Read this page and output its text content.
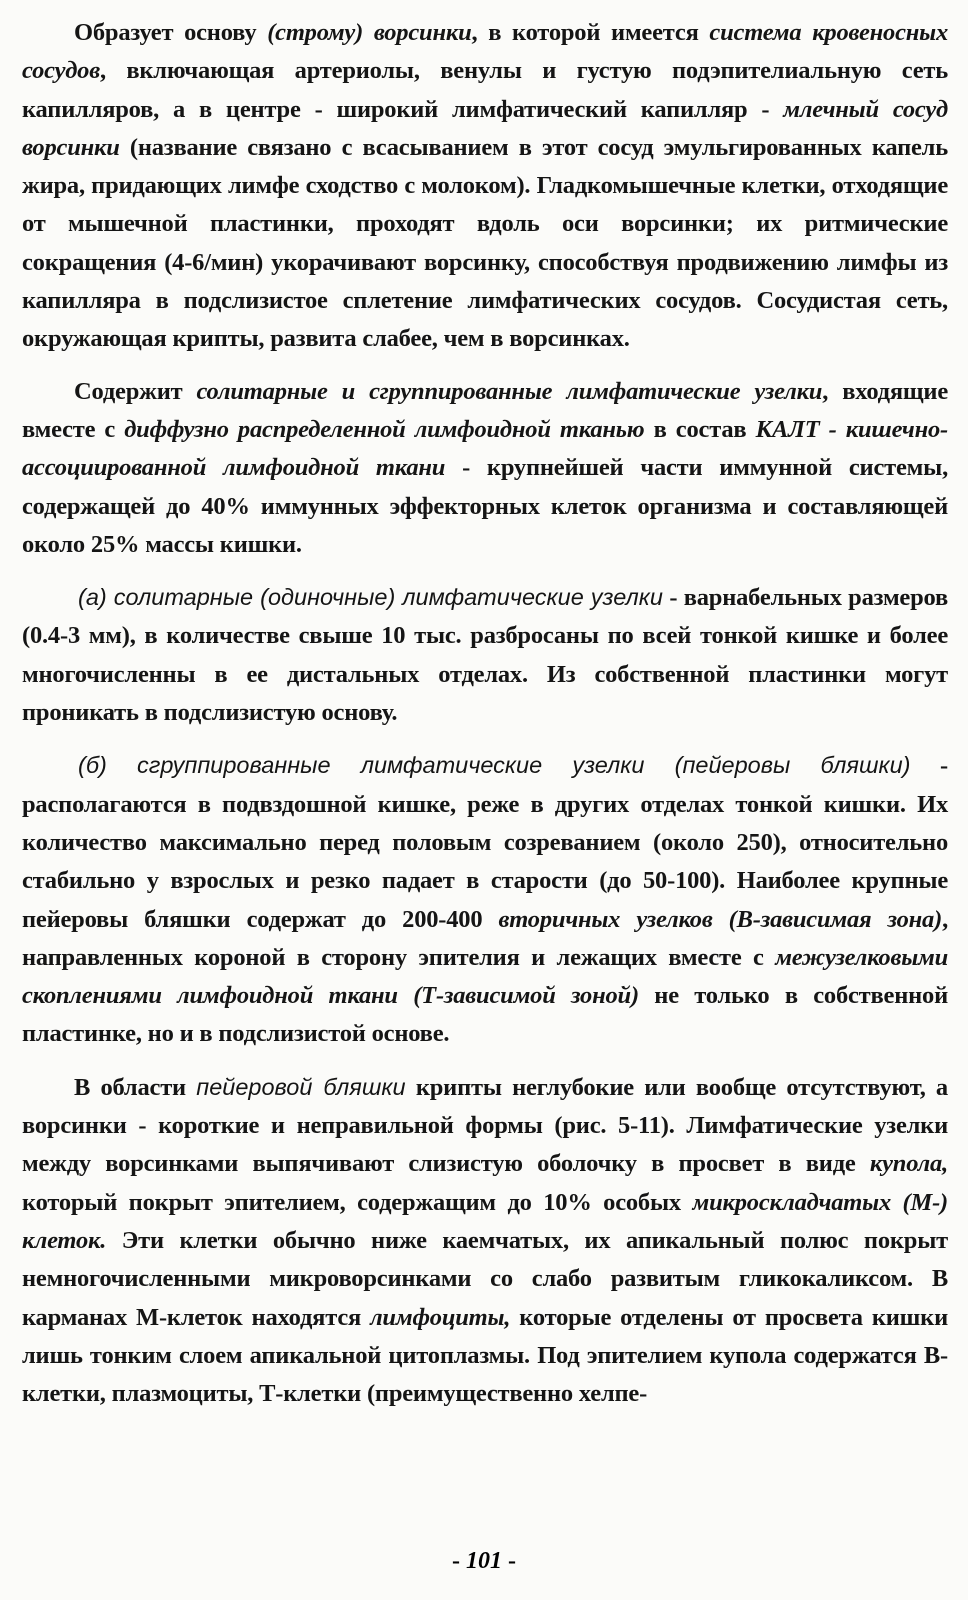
Образует основу (строму) ворсинки, в которой имеется система кровеносных сосудов, включающая артериолы, венулы и густую подэпителиальную сеть капилляров, а в центре - широкий лимфатический капилляр - млечный сосуд ворсинки (название связано с всасыванием в этот сосуд эмульгированных капель жира, придающих лимфе сходство с молоком). Гладкомышечные клетки, отходящие от мышечной пластинки, проходят вдоль оси ворсинки; их ритмические сокращения (4-6/мин) укорачивают ворсинку, способствуя продвижению лимфы из капилляра в подслизистое сплетение лимфатических сосудов. Сосудистая сеть, окружающая крипты, развита слабее, чем в ворсинках.

Содержит солитарные и сгруппированные лимфатические узелки, входящие вместе с диффузно распределенной лимфоидной тканью в состав КАЛТ - кишечно-ассоциированной лимфоидной ткани - крупнейшей части иммунной системы, содержащей до 40% иммунных эффекторных клеток организма и составляющей около 25% массы кишки.

(а) солитарные (одиночные) лимфатические узелки - варнабельных размеров (0.4-3 мм), в количестве свыше 10 тыс. разбросаны по всей тонкой кишке и более многочисленны в ее дистальных отделах. Из собственной пластинки могут проникать в подслизистую основу.

(б) сгруппированные лимфатические узелки (пейеровы бляшки) - располагаются в подвздошной кишке, реже в других отделах тонкой кишки. Их количество максимально перед половым созреванием (около 250), относительно стабильно у взрослых и резко падает в старости (до 50-100). Наиболее крупные пейеровы бляшки содержат до 200-400 вторичных узелков (В-зависимая зона), направленных короной в сторону эпителия и лежащих вместе с межузелковыми скоплениями лимфоидной ткани (Т-зависимой зоной) не только в собственной пластинке, но и в подслизистой основе.

В области пейеровой бляшки крипты неглубокие или вообще отсутствуют, а ворсинки - короткие и неправильной формы (рис. 5-11). Лимфатические узелки между ворсинками выпячивают слизистую оболочку в просвет в виде купола, который покрыт эпителием, содержащим до 10% особых микроскладчатых (М-) клеток. Эти клетки обычно ниже каемчатых, их апикальный полюс покрыт немногочисленными микроворсинками со слабо развитым гликокаликсом. В карманах М-клеток находятся лимфоциты, которые отделены от просвета кишки лишь тонким слоем апикальной цитоплазмы. Под эпителием купола содержатся В-клетки, плазмоциты, Т-клетки (преимущественно хелпе-

- 101 -
